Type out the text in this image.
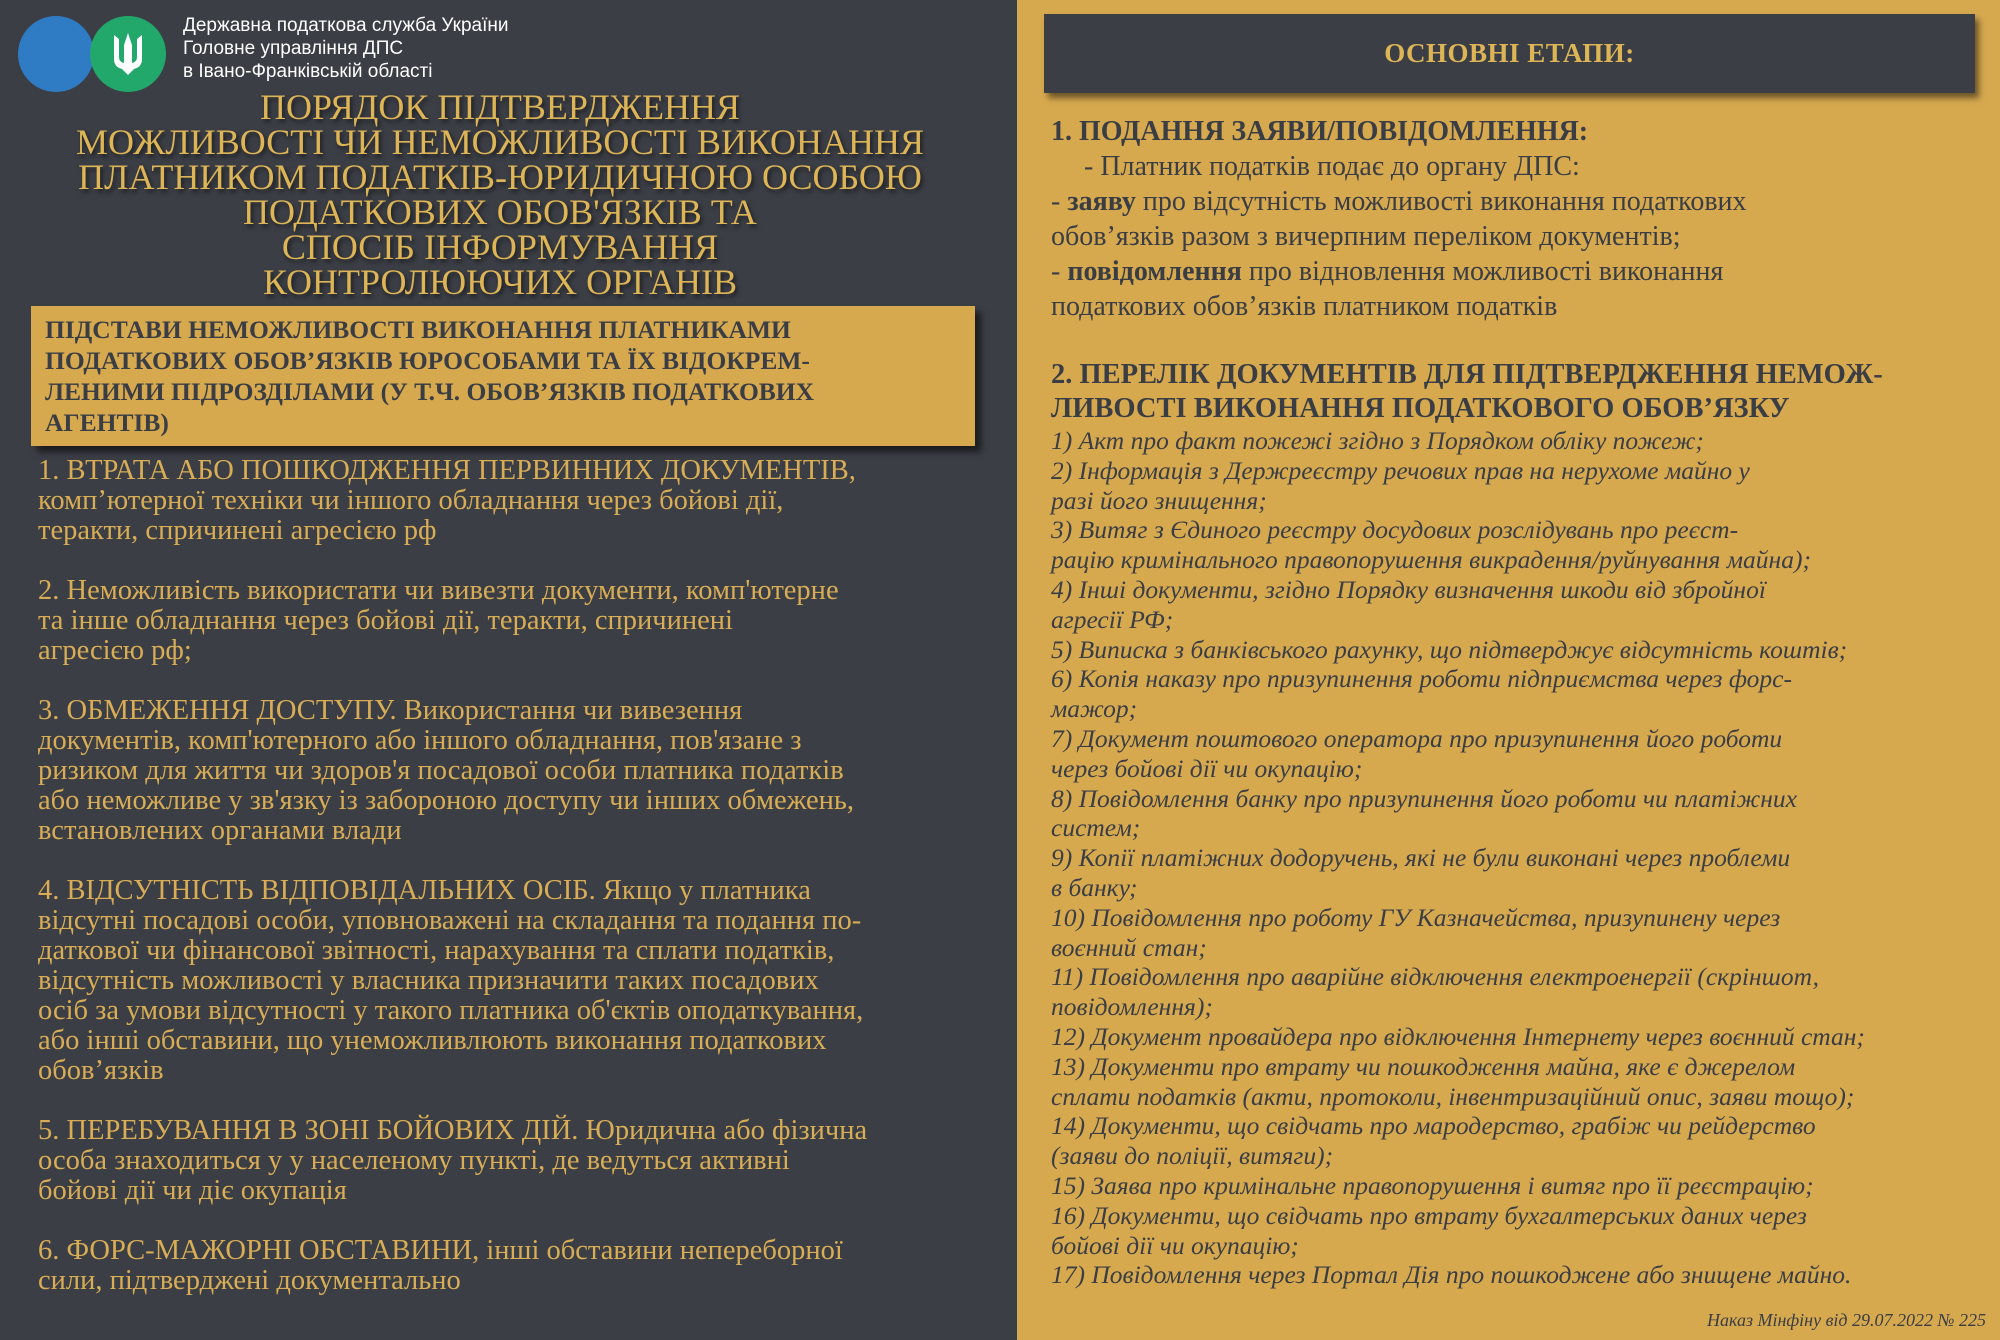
Державна податкова служба України
Головне управління ДПС
в Івано-Франківській області
ПОРЯДОК ПІДТВЕРДЖЕННЯ
МОЖЛИВОСТІ ЧИ НЕМОЖЛИВОСТІ ВИКОНАННЯ
ПЛАТНИКОМ ПОДАТКІВ-ЮРИДИЧНОЮ ОСОБОЮ
ПОДАТКОВИХ ОБОВ'ЯЗКІВ ТА
СПОСІБ ІНФОРМУВАННЯ
КОНТРОЛЮЮЧИХ ОРГАНІВ
ПІДСТАВИ НЕМОЖЛИВОСТІ ВИКОНАННЯ ПЛАТНИКАМИ
ПОДАТКОВИХ ОБОВ’ЯЗКІВ ЮРОСОБАМИ ТА ЇХ ВІДОКРЕМ-
ЛЕНИМИ ПІДРОЗДІЛАМИ (У Т.Ч. ОБОВ’ЯЗКІВ ПОДАТКОВИХ
АГЕНТІВ)
1. ВТРАТА АБО ПОШКОДЖЕННЯ ПЕРВИННИХ ДОКУМЕНТІВ,
комп’ютерної техніки чи іншого обладнання через бойові дії,
теракти, спричинені агресією рф
2. Неможливість використати чи вивезти документи, комп'ютерне
та інше обладнання через бойові дії, теракти, спричинені
агресією рф;
3. ОБМЕЖЕННЯ ДОСТУПУ. Використання чи вивезення
документів, комп'ютерного або іншого обладнання, пов'язане з
ризиком для життя чи здоров'я посадової особи платника податків
або неможливе у зв'язку із забороною доступу чи інших обмежень,
встановлених органами влади
4. ВІДСУТНІСТЬ ВІДПОВІДАЛЬНИХ ОСІБ. Якщо у платника
відсутні посадові особи, уповноважені на складання та подання по-
даткової чи фінансової звітності, нарахування та сплати податків,
відсутність можливості у власника призначити таких посадових
осіб за умови відсутності у такого платника об'єктів оподаткування,
або інші обставини, що унеможливлюють виконання податкових
обов’язків
5. ПЕРЕБУВАННЯ В ЗОНІ БОЙОВИХ ДІЙ. Юридична або фізична
особа знаходиться у у населеному пункті, де ведуться активні
бойові дії чи діє окупація
6. ФОРС-МАЖОРНІ ОБСТАВИНИ, інші обставини непереборної
сили, підтверджені документально
ОСНОВНІ ЕТАПИ:
1. ПОДАННЯ ЗАЯВИ/ПОВІДОМЛЕННЯ:
- Платник податків подає до органу ДПС:
- заяву про відсутність можливості виконання податкових
обов’язків разом з вичерпним переліком документів;
- повідомлення про відновлення можливості виконання
податкових обов’язків платником податків
2. ПЕРЕЛІК ДОКУМЕНТІВ ДЛЯ ПІДТВЕРДЖЕННЯ НЕМОЖ-
ЛИВОСТІ ВИКОНАННЯ ПОДАТКОВОГО ОБОВ’ЯЗКУ
1) Акт про факт пожежі згідно з Порядком обліку пожеж;
2) Інформація з Держреєстру речових прав на нерухоме майно у
разі його знищення;
3) Витяг з Єдиного реєстру досудових розслідувань про реєст-
рацію кримінального правопорушення викрадення/руйнування майна);
4) Інші документи, згідно Порядку визначення шкоди від збройної
агресії РФ;
5) Виписка з банківського рахунку, що підтверджує відсутність коштів;
6) Копія наказу про призупинення роботи підприємства через форс-
мажор;
7) Документ поштового оператора про призупинення його роботи
через бойові дії чи окупацію;
8) Повідомлення банку про призупинення його роботи чи платіжних
систем;
9) Копії платіжних додоручень, які не були виконані через проблеми
в банку;
10) Повідомлення про роботу ГУ Казначейства, призупинену через
воєнний стан;
11) Повідомлення про аварійне відключення електроенергії (скріншот,
повідомлення);
12) Документ провайдера про відключення Інтернету через воєнний стан;
13) Документи про втрату чи пошкодження майна, яке є джерелом
сплати податків (акти, протоколи, інвентризаційний опис, заяви тощо);
14) Документи, що свідчать про мародерство, грабіж чи рейдерство
(заяви до поліції, витяги);
15) Заява про кримінальне правопорушення і витяг про її реєстрацію;
16) Документи, що свідчать про втрату бухгалтерських даних через
бойові дії чи окупацію;
17) Повідомлення через Портал Дія про пошкоджене або знищене майно.
Наказ Мінфіну від 29.07.2022 № 225
